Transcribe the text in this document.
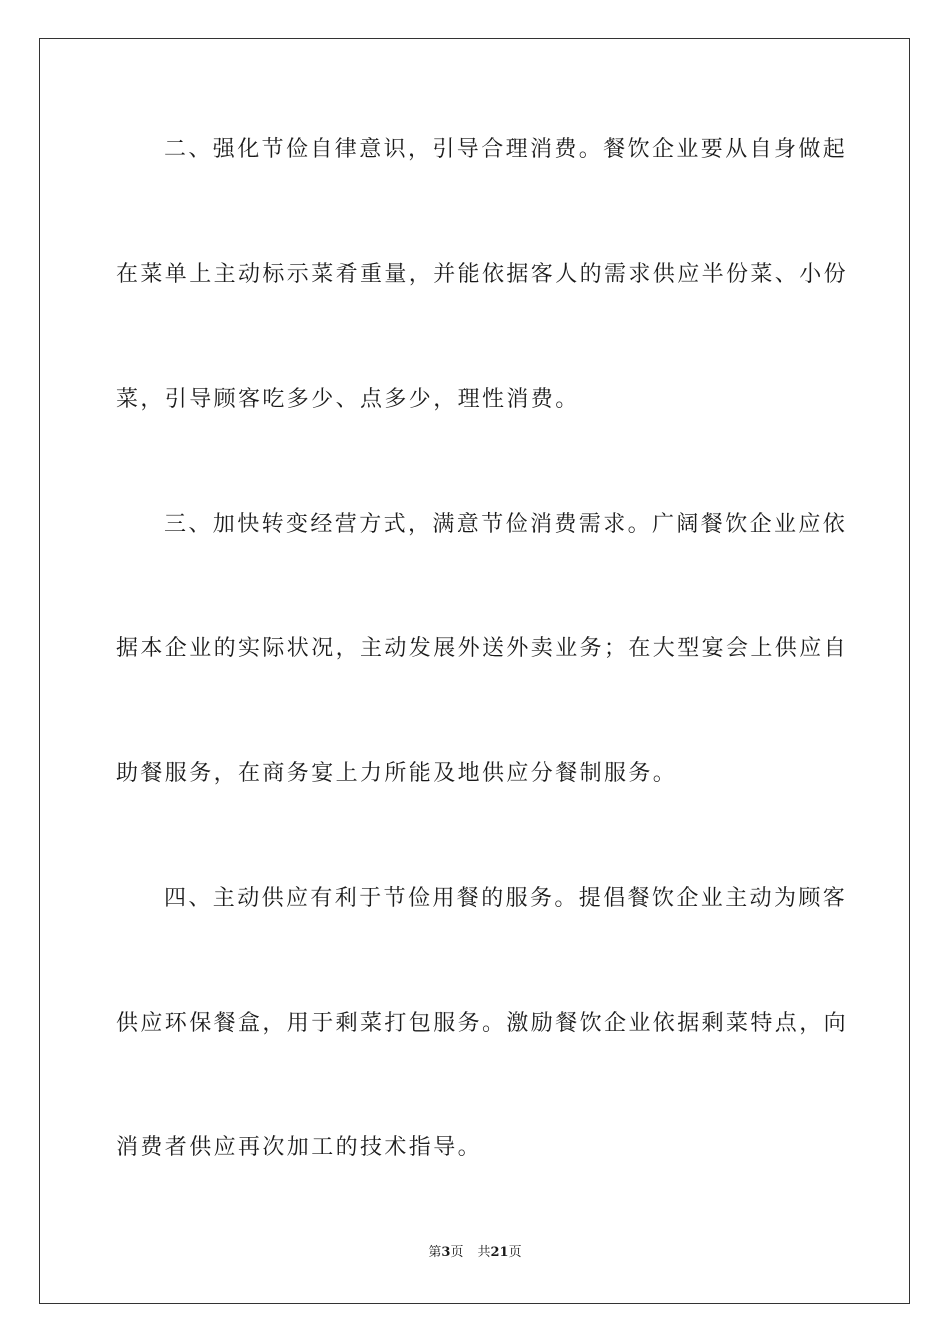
二、强化节俭自律意识，引导合理消费。餐饮企业要从自身做起
在菜单上主动标示菜肴重量，并能依据客人的需求供应半份菜、小份
菜，引导顾客吃多少、点多少，理性消费。
三、加快转变经营方式，满意节俭消费需求。广阔餐饮企业应依
据本企业的实际状况，主动发展外送外卖业务；在大型宴会上供应自
助餐服务，在商务宴上力所能及地供应分餐制服务。
四、主动供应有利于节俭用餐的服务。提倡餐饮企业主动为顾客
供应环保餐盒，用于剩菜打包服务。激励餐饮企业依据剩菜特点，向
消费者供应再次加工的技术指导。
第3页 共21页
